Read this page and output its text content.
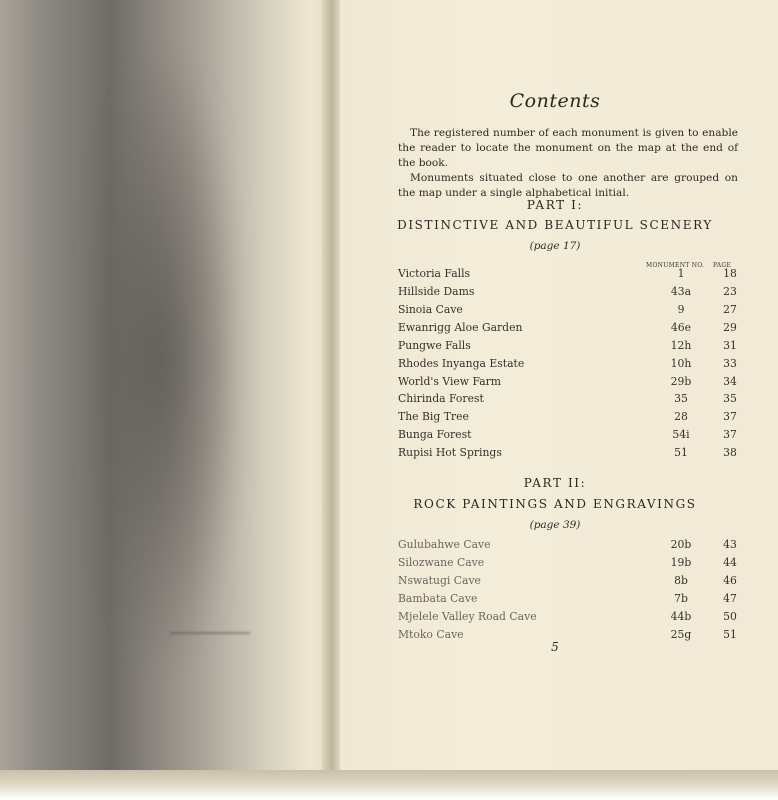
Contents

The registered number of each monument is given to enable the reader to locate the monument on the map at the end of the book.

Monuments situated close to one another are grouped on the map under a single alphabetical initial.

PART I:
DISTINCTIVE AND BEAUTIFUL SCENERY
(page 17)
MONUMENT NO. PAGE
Victoria Falls	1	18
Hillside Dams	43a	23
Sinoia Cave	9	27
Ewanrigg Aloe Garden	46e	29
Pungwe Falls	12h	31
Rhodes Inyanga Estate	10h	33
World's View Farm	29b	34
Chirinda Forest	35	35
The Big Tree	28	37
Bunga Forest	54i	37
Rupisi Hot Springs	51	38
PART II:
ROCK PAINTINGS AND ENGRAVINGS
(page 39)
Gulubahwe Cave	20b	43
Silozwane Cave	19b	44
Nswatugi Cave	8b	46
Bambata Cave	7b	47
Mjelele Valley Road Cave	44b	50
Mtoko Cave	25g	51
5
